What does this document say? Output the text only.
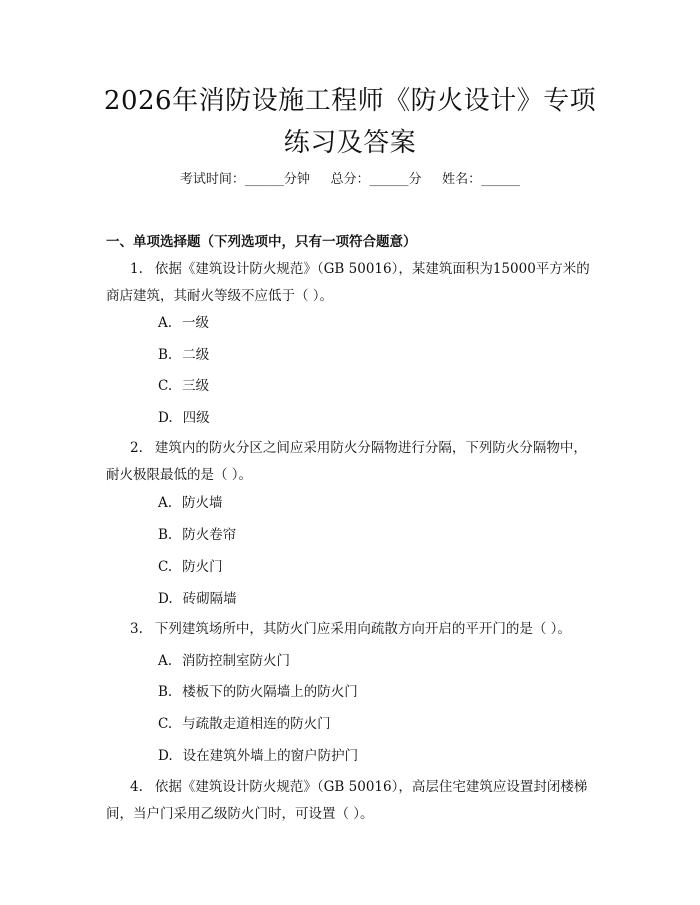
2026年消防设施工程师《防火设计》专项练习及答案
考试时间：______分钟     总分：______分     姓名：______
一、单项选择题（下列选项中，只有一项符合题意）
1. 依据《建筑设计防火规范》（GB 50016），某建筑面积为15000平方米的商店建筑，其耐火等级不应低于（ ）。
A. 一级
B. 二级
C. 三级
D. 四级
2. 建筑内的防火分区之间应采用防火分隔物进行分隔，下列防火分隔物中，耐火极限最低的是（ ）。
A. 防火墙
B. 防火卷帘
C. 防火门
D. 砖砌隔墙
3. 下列建筑场所中，其防火门应采用向疏散方向开启的平开门的是（ ）。
A. 消防控制室防火门
B. 楼板下的防火隔墙上的防火门
C. 与疏散走道相连的防火门
D. 设在建筑外墙上的窗户防护门
4. 依据《建筑设计防火规范》（GB 50016），高层住宅建筑应设置封闭楼梯间，当户门采用乙级防火门时，可设置（ ）。
